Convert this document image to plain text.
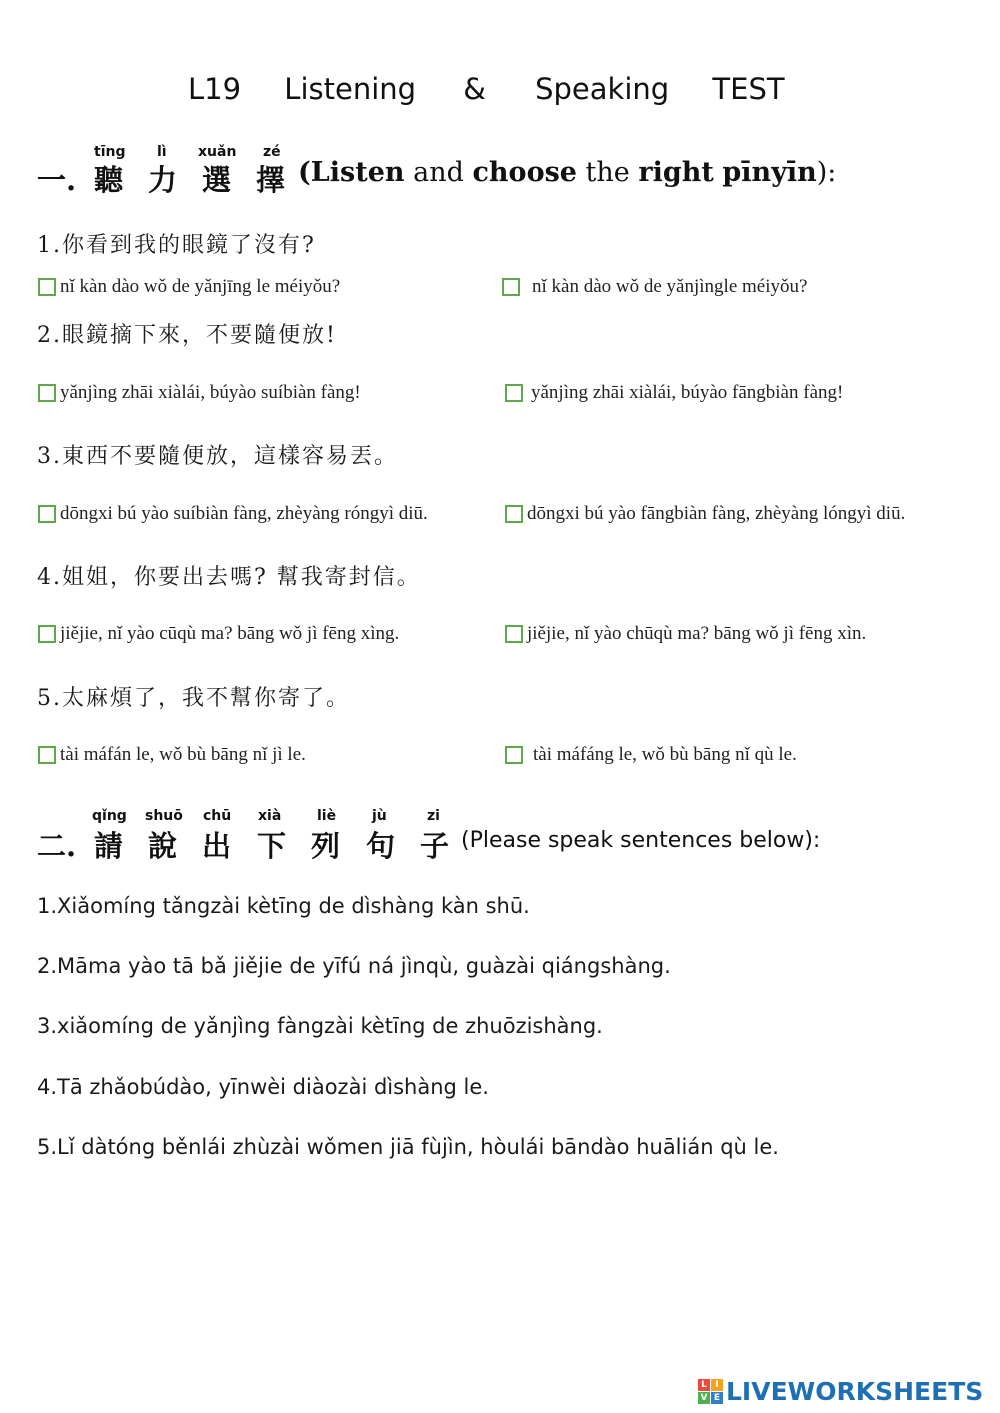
L19 Listening & Speaking TEST
tīng lì xuǎn zé
一. 聽 力 選 擇 (Listen and choose the right pīnyīn):
1.你看到我的眼鏡了沒有?
nǐ kàn dào wǒ de yǎnjīng le méiyǒu?	nǐ kàn dào wǒ de yǎnjìngle méiyǒu?
2.眼鏡摘下來，不要隨便放!
yǎnjìng zhāi xiàlái, búyào suíbiàn fàng!	yǎnjìng zhāi xiàlái, búyào fāngbiàn fàng!
3.東西不要隨便放，這樣容易丟。
dōngxi bú yào suíbiàn fàng, zhèyàng róngyì diū.	dōngxi bú yào fāngbiàn fàng, zhèyàng lóngyì diū.
4.姐姐，你要出去嗎? 幫我寄封信。
jiějie, nǐ yào cūqù ma? bāng wǒ jì fēng xìng.	jiějie, nǐ yào chūqù ma? bāng wǒ jì fēng xìn.
5.太麻煩了，我不幫你寄了。
tài máfán le, wǒ bù bāng nǐ jì le.	tài máfáng le, wǒ bù bāng nǐ qù le.
qǐng shuō chū xià	liè	jù	zi
二. 請 說 出 下 列 句 子 (Please speak sentences below):
1.Xiǎomíng tǎngzài kètīng de dìshàng kàn shū.
2.Māma yào tā bǎ jiějie de yīfú ná jìnqù, guàzài qiángshàng.
3.xiǎomíng de yǎnjìng fàngzài kètīng de zhuōzishàng.
4.Tā zhǎobúdào, yīnwèi diàozài dìshàng le.
5.Lǐ dàtóng běnlái zhùzài wǒmen jiā fùjìn, hòulái bāndào huālián qù le.
L I
V E LIVEWORKSHEETS
